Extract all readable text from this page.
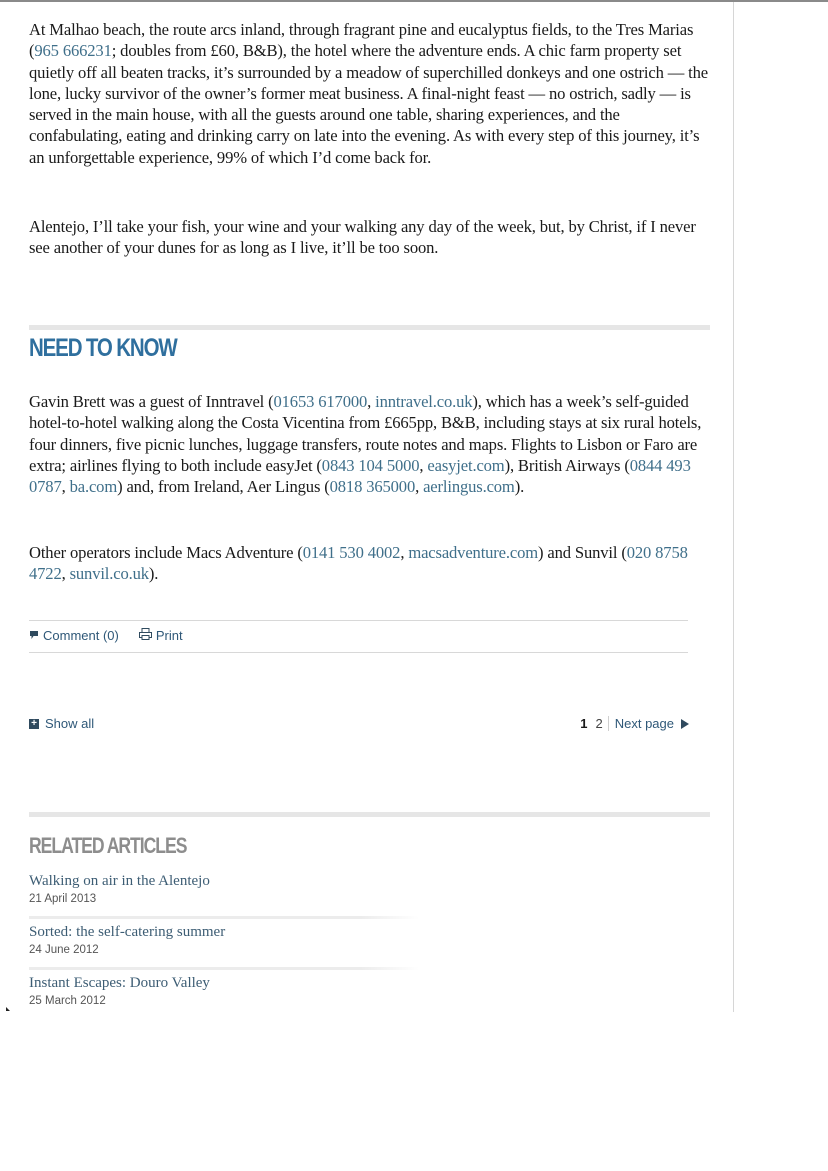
At Malhao beach, the route arcs inland, through fragrant pine and eucalyptus fields, to the Tres Marias (965 666231; doubles from £60, B&B), the hotel where the adventure ends. A chic farm property set quietly off all beaten tracks, it’s surrounded by a meadow of superchilled donkeys and one ostrich — the lone, lucky survivor of the owner’s former meat business. A final-night feast — no ostrich, sadly — is served in the main house, with all the guests around one table, sharing experiences, and the confabulating, eating and drinking carry on late into the evening. As with every step of this journey, it’s an unforgettable experience, 99% of which I’d come back for.

Alentejo, I’ll take your fish, your wine and your walking any day of the week, but, by Christ, if I never see another of your dunes for as long as I live, it’ll be too soon.

NEED TO KNOW

Gavin Brett was a guest of Inntravel (01653 617000, inntravel.co.uk), which has a week’s self-guided hotel-to-hotel walking along the Costa Vicentina from £665pp, B&B, including stays at six rural hotels, four dinners, five picnic lunches, luggage transfers, route notes and maps. Flights to Lisbon or Faro are extra; airlines flying to both include easyJet (0843 104 5000, easyjet.com), British Airways (0844 493 0787, ba.com) and, from Ireland, Aer Lingus (0818 365000, aerlingus.com).

Other operators include Macs Adventure (0141 530 4002, macsadventure.com) and Sunvil (020 8758 4722, sunvil.co.uk).

Comment (0)	Print
+ Show all	1 2 Next page
RELATED ARTICLES
Walking on air in the Alentejo
21 April 2013
Sorted: the self-catering summer
24 June 2012
Instant Escapes: Douro Valley
25 March 2012
